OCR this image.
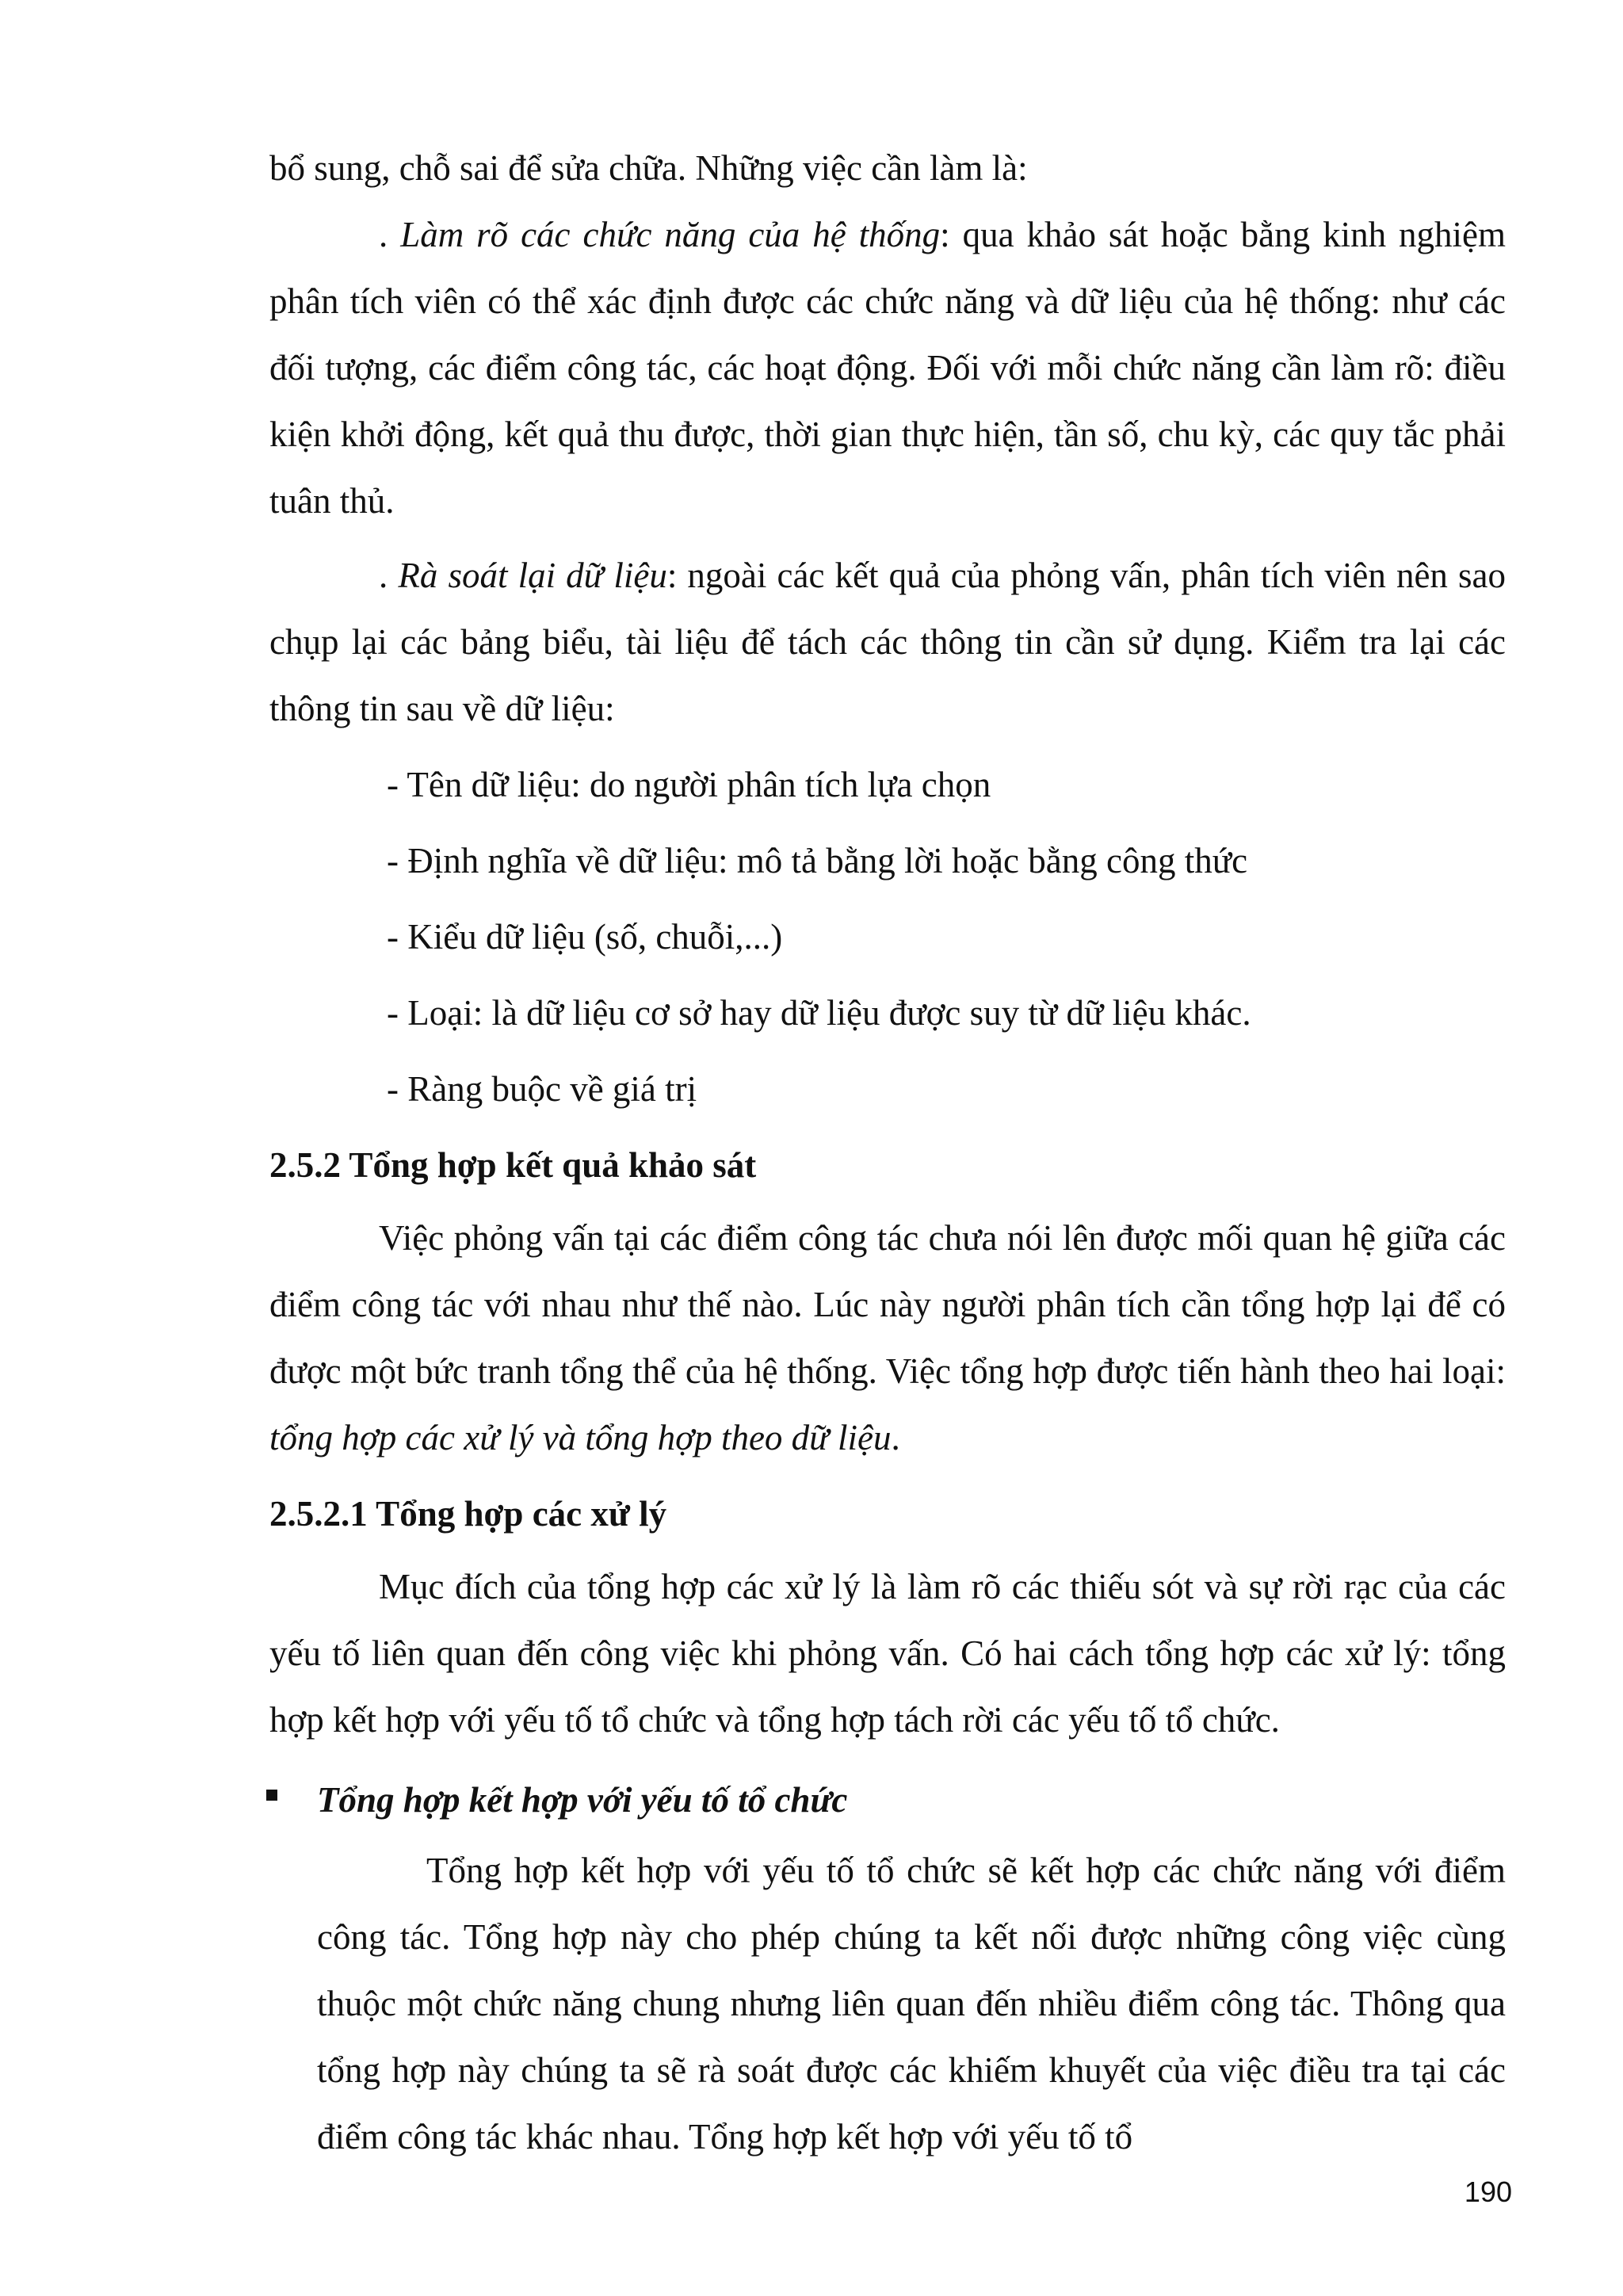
bổ sung, chỗ sai để sửa chữa. Những việc cần làm là:

. Làm rõ các chức năng của hệ thống: qua khảo sát hoặc bằng kinh nghiệm phân tích viên có thể xác định được các chức năng và dữ liệu của hệ thống: như các đối tượng, các điểm công tác, các hoạt động. Đối với mỗi chức năng cần làm rõ: điều kiện khởi động, kết quả thu được, thời gian thực hiện, tần số, chu kỳ, các quy tắc phải tuân thủ.

. Rà soát lại dữ liệu: ngoài các kết quả của phỏng vấn, phân tích viên nên sao chụp lại các bảng biểu, tài liệu để tách các thông tin cần sử dụng. Kiểm tra lại các thông tin sau về dữ liệu:

- Tên dữ liệu: do người phân tích lựa chọn

- Định nghĩa về dữ liệu: mô tả bằng lời hoặc bằng công thức

- Kiểu dữ liệu (số, chuỗi,...)

- Loại: là dữ liệu cơ sở hay dữ liệu được suy từ dữ liệu khác.

- Ràng buộc về giá trị

2.5.2 Tổng hợp kết quả khảo sát

Việc phỏng vấn tại các điểm công tác chưa nói lên được mối quan hệ giữa các điểm công tác với nhau như thế nào. Lúc này người phân tích cần tổng hợp lại để có được một bức tranh tổng thể của hệ thống. Việc tổng hợp được tiến hành theo hai loại: tổng hợp các xử lý và tổng hợp theo dữ liệu.

2.5.2.1 Tổng hợp các xử lý

Mục đích của tổng hợp các xử lý là làm rõ các thiếu sót và sự rời rạc của các yếu tố liên quan đến công việc khi phỏng vấn. Có hai cách tổng hợp các xử lý: tổng hợp kết hợp với yếu tố tổ chức và tổng hợp tách rời các yếu tố tổ chức.

Tổng hợp kết hợp với yếu tố tổ chức

Tổng hợp kết hợp với yếu tố tổ chức sẽ kết hợp các chức năng với điểm công tác. Tổng hợp này cho phép chúng ta kết nối được những công việc cùng thuộc một chức năng chung nhưng liên quan đến nhiều điểm công tác. Thông qua tổng hợp này chúng ta sẽ rà soát được các khiếm khuyết của việc điều tra tại các điểm công tác khác nhau. Tổng hợp kết hợp với yếu tố tổ

190
